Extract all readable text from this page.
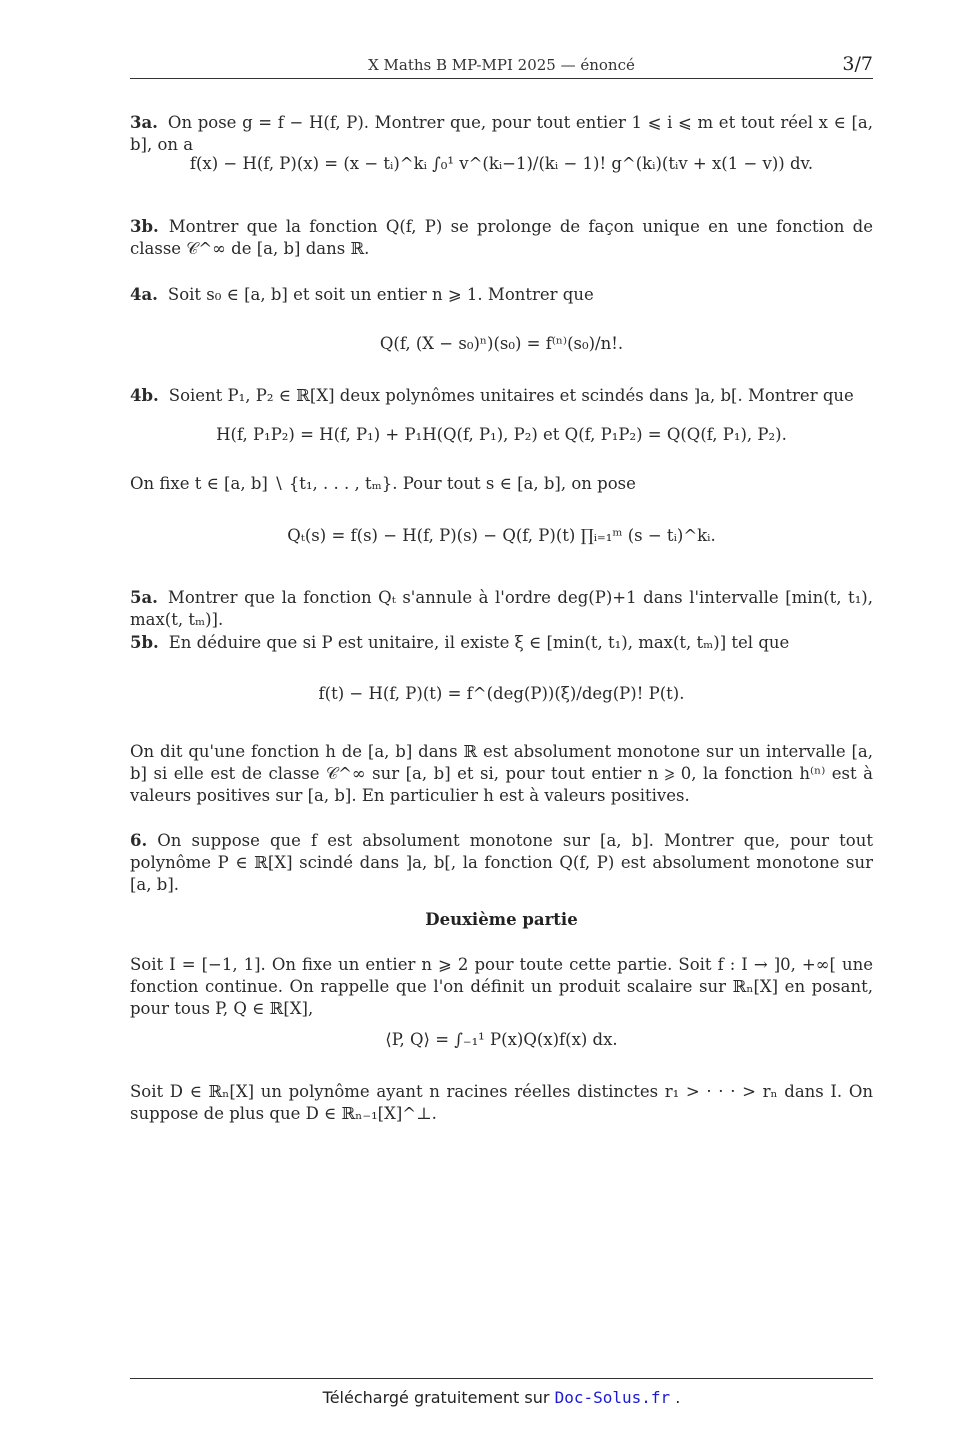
X Maths B MP-MPI 2025 — énoncé	3/7
3a. On pose g = f − H(f, P). Montrer que, pour tout entier 1 ⩽ i ⩽ m et tout réel x ∈ [a, b], on a
f(x) − H(f, P)(x) = (x − tᵢ)^kᵢ ∫₀¹ v^(kᵢ−1)/(kᵢ − 1)! g^(kᵢ)(tᵢv + x(1 − v)) dv.
3b. Montrer que la fonction Q(f, P) se prolonge de façon unique en une fonction de classe 𝒞^∞ de [a, b] dans ℝ.
4a. Soit s₀ ∈ [a, b] et soit un entier n ⩾ 1. Montrer que
Q(f, (X − s₀)ⁿ)(s₀) = f⁽ⁿ⁾(s₀)/n!.
4b. Soient P₁, P₂ ∈ ℝ[X] deux polynômes unitaires et scindés dans ]a, b[. Montrer que
H(f, P₁P₂) = H(f, P₁) + P₁H(Q(f, P₁), P₂) et Q(f, P₁P₂) = Q(Q(f, P₁), P₂).
On fixe t ∈ [a, b] ∖ {t₁, . . . , tₘ}. Pour tout s ∈ [a, b], on pose
Qₜ(s) = f(s) − H(f, P)(s) − Q(f, P)(t) ∏ᵢ₌₁ᵐ (s − tᵢ)^kᵢ.
5a. Montrer que la fonction Qₜ s'annule à l'ordre deg(P)+1 dans l'intervalle [min(t, t₁), max(t, tₘ)].
5b. En déduire que si P est unitaire, il existe ξ ∈ [min(t, t₁), max(t, tₘ)] tel que
f(t) − H(f, P)(t) = f^(deg(P))(ξ)/deg(P)! P(t).
On dit qu'une fonction h de [a, b] dans ℝ est absolument monotone sur un intervalle [a, b] si elle est de classe 𝒞^∞ sur [a, b] et si, pour tout entier n ⩾ 0, la fonction h⁽ⁿ⁾ est à valeurs positives sur [a, b]. En particulier h est à valeurs positives.
6. On suppose que f est absolument monotone sur [a, b]. Montrer que, pour tout polynôme P ∈ ℝ[X] scindé dans ]a, b[, la fonction Q(f, P) est absolument monotone sur [a, b].
Deuxième partie
Soit I = [−1, 1]. On fixe un entier n ⩾ 2 pour toute cette partie. Soit f : I → ]0, +∞[ une fonction continue. On rappelle que l'on définit un produit scalaire sur ℝₙ[X] en posant, pour tous P, Q ∈ ℝ[X],
⟨P, Q⟩ = ∫₋₁¹ P(x)Q(x)f(x) dx.
Soit D ∈ ℝₙ[X] un polynôme ayant n racines réelles distinctes r₁ > · · · > rₙ dans I. On suppose de plus que D ∈ ℝₙ₋₁[X]^⊥.
Téléchargé gratuitement sur Doc-Solus.fr .
